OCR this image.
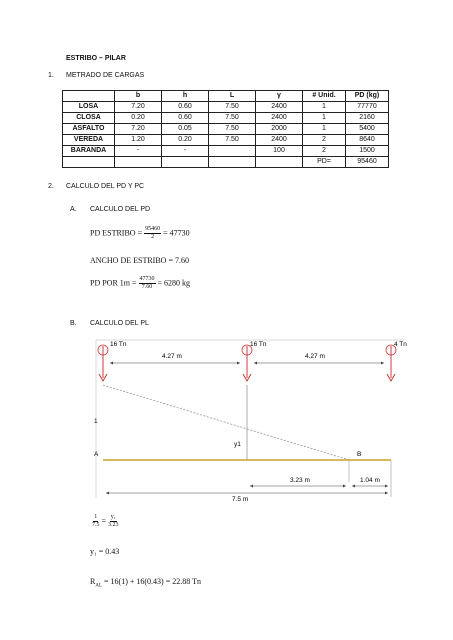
ESTRIBO – PILAR
1. METRADO DE CARGAS
	b	h	L	γ	# Unid.	PD (kg)
LOSA	7.20	0.60	7.50	2400	1	77770
CLOSA	0.20	0.60	7.50	2400	1	2160
ASFALTO	7.20	0.05	7.50	2000	1	5400
VEREDA	1.20	0.20	7.50	2400	2	8640
BARANDA	-	-		100	2	1500
					PD=	95460
2. CALCULO DEL PD Y PC
A. CALCULO DEL PD
PD ESTRIBO = $\frac{95460}{2} = 47730$
ANCHO DE ESTRIBO = 7.60
PD POR $1m = \frac{47730}{7.60} = 6280$ kg
B. CALCULO DEL PL
16 Tn	16 Tn	4 Tn
4.27 m	4.27 m
1
y1
A	B
3.23 m	1.04 m
7.5 m
$\frac{1}{7.5} = \frac{\text{y₁}}{3.23}$
y₁ = 0.43
$R_{AL} = 16(1) + 16(0.43) = 22.88$ Tn
